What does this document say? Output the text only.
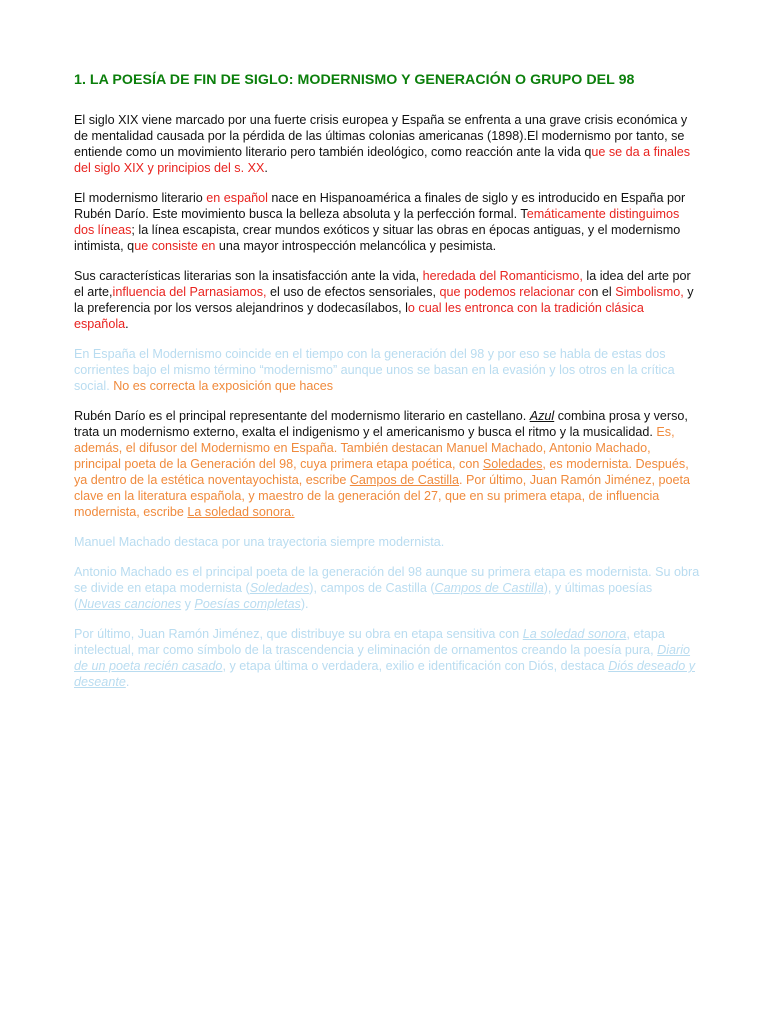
1. LA POESÍA DE FIN DE SIGLO: MODERNISMO Y GENERACIÓN O GRUPO DEL 98

El siglo XIX viene marcado por una fuerte crisis europea y España se enfrenta a una grave crisis económica y de mentalidad causada por la pérdida de las últimas colonias americanas (1898).El modernismo por tanto, se entiende como un movimiento literario pero también ideológico, como reacción ante la vida que se da a finales del siglo XIX y principios del s. XX.

El modernismo literario en español nace en Hispanoamérica a finales de siglo y es introducido en España por Rubén Darío. Este movimiento busca la belleza absoluta y la perfección formal. Temáticamente distinguimos dos líneas; la línea escapista, crear mundos exóticos y situar las obras en épocas antiguas, y el modernismo intimista, que consiste en una mayor introspección melancólica y pesimista.

Sus características literarias son la insatisfacción ante la vida, heredada del Romanticismo, la idea del arte por el arte,influencia del Parnasiamos, el uso de efectos sensoriales, que podemos relacionar con el Simbolismo, y la preferencia por los versos alejandrinos y dodecasílabos, lo cual les entronca con la tradición clásica española.

En España el Modernismo coincide en el tiempo con la generación del 98 y por eso se habla de estas dos corrientes bajo el mismo término “modernismo” aunque unos se basan en la evasión y los otros en la crítica social. No es correcta la exposición que haces

Rubén Darío es el principal representante del modernismo literario en castellano. Azul combina prosa y verso, trata un modernismo externo, exalta el indigenismo y el americanismo y busca el ritmo y la musicalidad. Es, además, el difusor del Modernismo en España. También destacan Manuel Machado, Antonio Machado, principal poeta de la Generación del 98, cuya primera etapa poética, con Soledades, es modernista. Después, ya dentro de la estética noventayochista, escribe Campos de Castilla. Por último, Juan Ramón Jiménez, poeta clave en la literatura española, y maestro de la generación del 27, que en su primera etapa, de influencia modernista, escribe La soledad sonora.

Manuel Machado destaca por una trayectoria siempre modernista.

Antonio Machado es el principal poeta de la generación del 98 aunque su primera etapa es modernista. Su obra se divide en etapa modernista (Soledades), campos de Castilla (Campos de Castilla), y últimas poesías (Nuevas canciones y Poesías completas).

Por último, Juan Ramón Jiménez, que distribuye su obra en etapa sensitiva con La soledad sonora, etapa intelectual, mar como símbolo de la trascendencia y eliminación de ornamentos creando la poesía pura, Diario de un poeta recién casado, y etapa última o verdadera, exilio e identificación con Diós, destaca Diós deseado y deseante.
